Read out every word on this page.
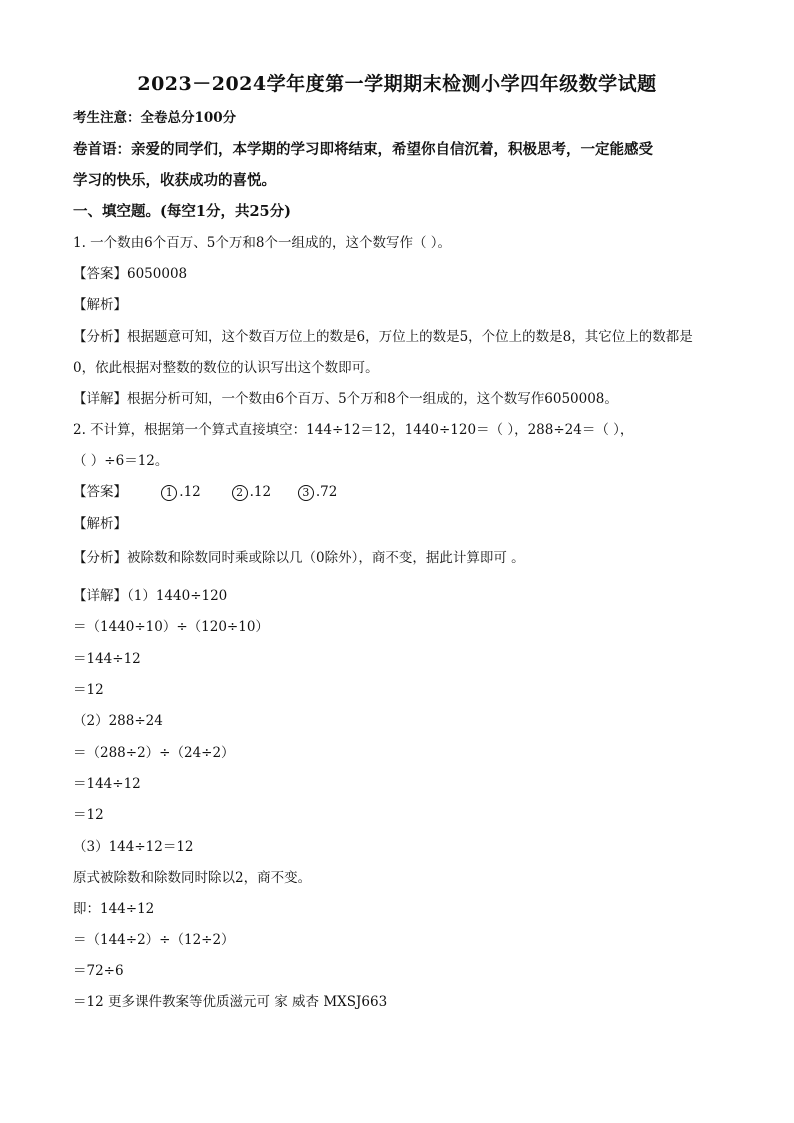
2023－2024学年度第一学期期末检测小学四年级数学试题
考生注意：全卷总分100分
卷首语：亲爱的同学们，本学期的学习即将结束，希望你自信沉着，积极思考，一定能感受
学习的快乐，收获成功的喜悦。
一、填空题。(每空1分，共25分)
1. 一个数由6个百万、5个万和8个一组成的，这个数写作（ ）。
【答案】6050008
【解析】
【分析】根据题意可知，这个数百万位上的数是6，万位上的数是5，个位上的数是8，其它位上的数都是
0，依此根据对整数的数位的认识写出这个数即可。
【详解】根据分析可知，一个数由6个百万、5个万和8个一组成的，这个数写作6050008。
2. 不计算，根据第一个算式直接填空：144÷12＝12，1440÷120＝（ ），288÷24＝（ ），
（ ）÷6＝12。
【答案】	1 .12	2 .12	3 .72
【解析】
【分析】被除数和除数同时乘或除以几（0除外），商不变，据此计算即可 。
【详解】（1）1440÷120
＝（1440÷10）÷（120÷10）
＝144÷12
＝12
（2）288÷24
＝（288÷2）÷（24÷2）
＝144÷12
＝12
（3）144÷12＝12
原式被除数和除数同时除以2，商不变。
即：144÷12
＝（144÷2）÷（12÷2）
＝72÷6
＝12 更多课件教案等优质滋元可 家 威杏 MXSJ663
